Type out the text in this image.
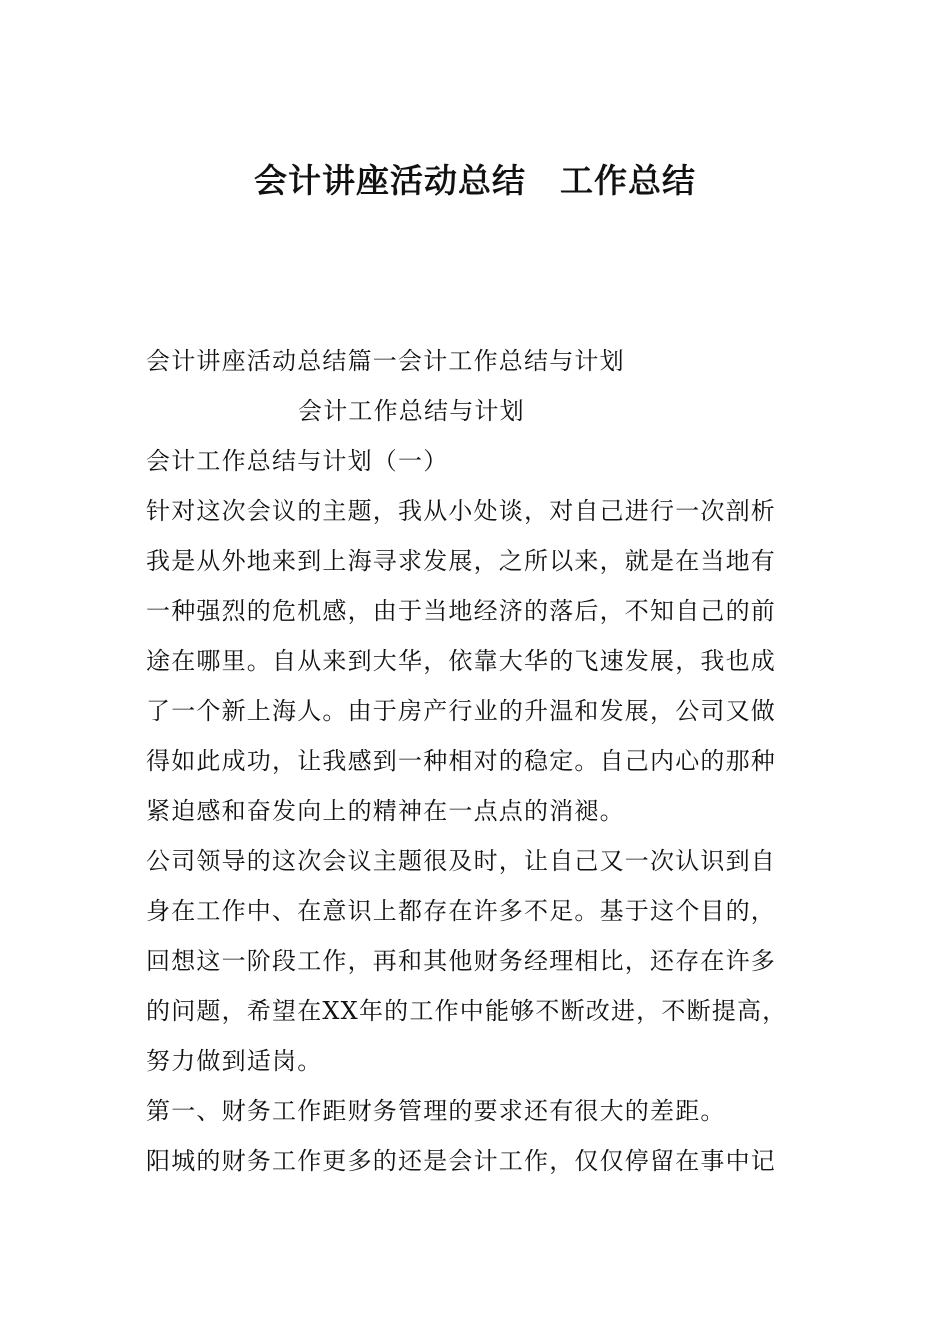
会计讲座活动总结　工作总结
会计讲座活动总结篇一会计工作总结与计划
会计工作总结与计划
会计工作总结与计划（一）
针对这次会议的主题，我从小处谈，对自己进行一次剖析
我是从外地来到上海寻求发展，之所以来，就是在当地有
一种强烈的危机感，由于当地经济的落后，不知自己的前
途在哪里。自从来到大华，依靠大华的飞速发展，我也成
了一个新上海人。由于房产行业的升温和发展，公司又做
得如此成功，让我感到一种相对的稳定。自己内心的那种
紧迫感和奋发向上的精神在一点点的消褪。
公司领导的这次会议主题很及时，让自己又一次认识到自
身在工作中、在意识上都存在许多不足。基于这个目的，
回想这一阶段工作，再和其他财务经理相比，还存在许多
的问题，希望在XX年的工作中能够不断改进，不断提高，
努力做到适岗。
第一、财务工作距财务管理的要求还有很大的差距。
阳城的财务工作更多的还是会计工作，仅仅停留在事中记
